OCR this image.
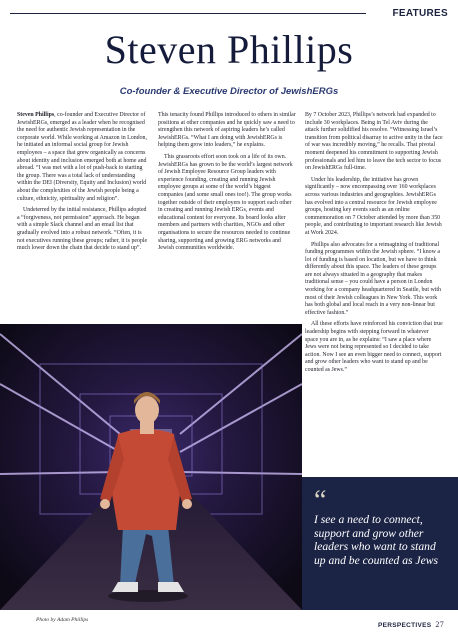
FEATURES
Steven Phillips
Co-founder & Executive Director of JewishERGs

Steven Phillips, co-founder and Executive Director of JewishERGs, emerged as a leader when he recognised the need for authentic Jewish representation in the corporate world. While working at Amazon in London, he initiated an informal social group for Jewish employees – a space that grew organically as concerns about identity and inclusion emerged both at home and abroad. “I was met with a lot of push-back to starting the group. There was a total lack of understanding within the DEI (Diversity, Equity and Inclusion) world about the complexities of the Jewish people being a culture, ethnicity, spirituality and religion”.

Undeterred by the initial resistance, Phillips adopted a “forgiveness, not permission” approach. He began with a simple Slack channel and an email list that gradually evolved into a robust network. “Often, it is not executives running these groups; rather, it is people much lower down the chain that decide to stand up”.

This tenacity found Phillips introduced to others in similar positions at other companies and he quickly saw a need to strengthen this network of aspiring leaders he’s called JewishERGs. “What I am doing with JewishERGs is helping them grow into leaders,” he explains.

This grassroots effort soon took on a life of its own. JewishERGs has grown to be the world’s largest network of Jewish Employee Resource Group leaders with experience founding, creating and running Jewish employee groups at some of the world’s biggest companies (and some small ones too!). The group works together outside of their employers to support each other in creating and running Jewish ERGs, events and educational content for everyone. Its board looks after members and partners with charities, NGOs and other organisations to secure the resources needed to continue sharing, supporting and growing ERG networks and Jewish communities worldwide.

By 7 October 2023, Phillips’s network had expanded to include 30 workplaces. Being in Tel Aviv during the attack further solidified his resolve. “Witnessing Israel’s transition from political disarray to active unity in the face of war was incredibly moving,” he recalls. That pivotal moment deepened his commitment to supporting Jewish professionals and led him to leave the tech sector to focus on JewishERGs full-time.

Under his leadership, the initiative has grown significantly – now encompassing over 160 workplaces across various industries and geographies. JewishERGs has evolved into a central resource for Jewish employee groups, hosting key events such as an online commemoration on 7 October attended by more than 350 people, and contributing to important research like Jewish at Work 2024.

Phillips also advocates for a reimagining of traditional funding programmes within the Jewish sphere. “I know a lot of funding is based on location, but we have to think differently about this space. The leaders of these groups are not always situated in a geography that makes traditional sense – you could have a person in London working for a company headquartered in Seattle, but with most of their Jewish colleagues in New York. This work has both global and local reach in a very non-linear but effective fashion.”

All these efforts have reinforced his conviction that true leadership begins with stepping forward in whatever space you are in, as he explains: “I saw a place where Jews were not being represented so I decided to take action. Now I see an even bigger need to connect, support and grow other leaders who want to stand up and be counted as Jews.”

Photo by Adam Phillips
“
I see a need to connect, support and grow other leaders who want to stand up and be counted as Jews
PERSPECTIVES 27
